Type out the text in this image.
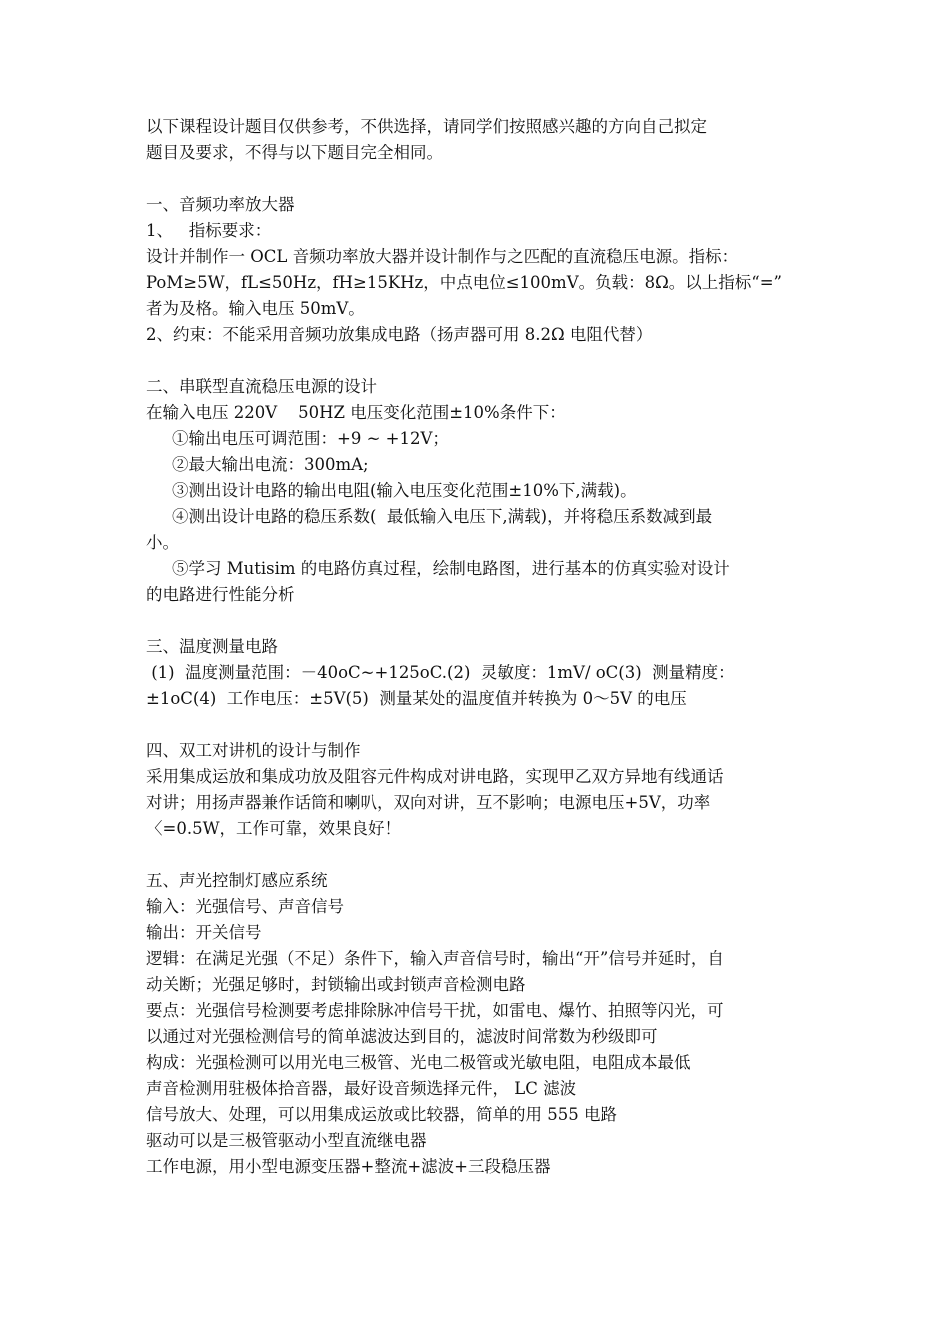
以下课程设计题目仅供参考，不供选择，请同学们按照感兴趣的方向自己拟定

题目及要求，不得与以下题目完全相同。

一、音频功率放大器

1、   指标要求：

设计并制作一 OCL 音频功率放大器并设计制作与之匹配的直流稳压电源。指标：

PoM≥5W，fL≤50Hz，fH≥15KHz，中点电位≤100mV。负载：8Ω。以上指标“=”

者为及格。输入电压 50mV。

2、约束：不能采用音频功放集成电路（扬声器可用 8.2Ω 电阻代替）

二、串联型直流稳压电源的设计

在输入电压 220V    50HZ 电压变化范围±10%条件下：

①输出电压可调范围：+9 ~ +12V；

②最大输出电流：300mA;

③测出设计电路的输出电阻(输入电压变化范围±10%下,满载)。

④测出设计电路的稳压系数(  最低输入电压下,满载)，并将稳压系数减到最

小。

⑤学习 Mutisim 的电路仿真过程，绘制电路图，进行基本的仿真实验对设计

的电路进行性能分析

三、温度测量电路

(1)  温度测量范围：－40oC~+125oC.(2)  灵敏度：1mV/ oC(3)  测量精度：

±1oC(4)  工作电压：±5V(5)  测量某处的温度值并转换为 0～5V 的电压

四、双工对讲机的设计与制作

采用集成运放和集成功放及阻容元件构成对讲电路，实现甲乙双方异地有线通话

对讲；用扬声器兼作话筒和喇叭，双向对讲，互不影响；电源电压+5V，功率

〈=0.5W，工作可靠，效果良好！

五、声光控制灯感应系统

输入：光强信号、声音信号

输出：开关信号

逻辑：在满足光强（不足）条件下，输入声音信号时，输出“开”信号并延时，自

动关断；光强足够时，封锁输出或封锁声音检测电路

要点：光强信号检测要考虑排除脉冲信号干扰，如雷电、爆竹、拍照等闪光，可

以通过对光强检测信号的简单滤波达到目的，滤波时间常数为秒级即可

构成：光强检测可以用光电三极管、光电二极管或光敏电阻，电阻成本最低

声音检测用驻极体拾音器，最好设音频选择元件， LC 滤波

信号放大、处理，可以用集成运放或比较器，简单的用 555 电路

驱动可以是三极管驱动小型直流继电器

工作电源，用小型电源变压器+整流+滤波+三段稳压器
